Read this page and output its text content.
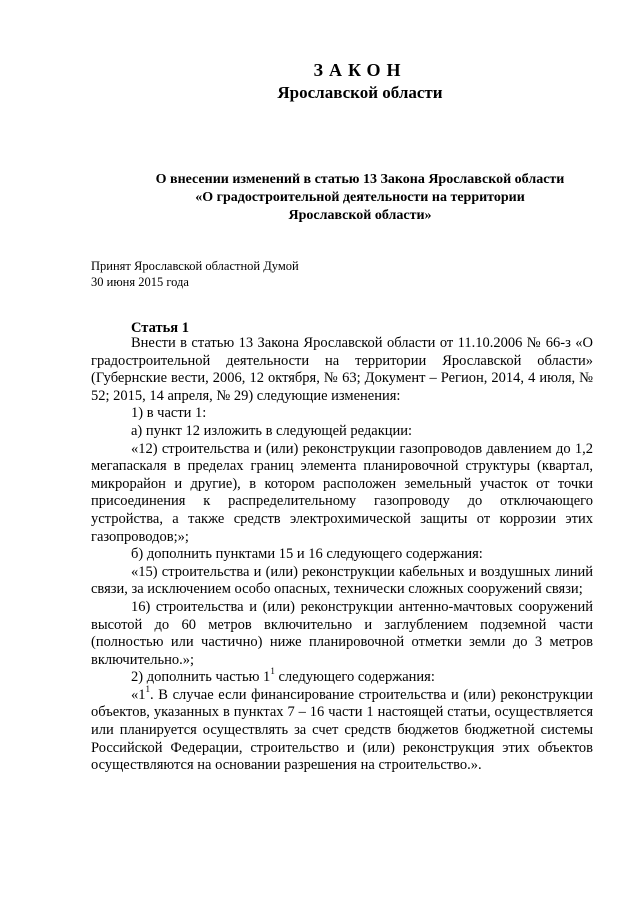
ЗАКОН
Ярославской области
О внесении изменений в статью 13 Закона Ярославской области
«О градостроительной деятельности на территории
Ярославской области»
Принят Ярославской областной Думой
30 июня 2015 года
Статья 1

Внести в статью 13 Закона Ярославской области от 11.10.2006 № 66-з «О градостроительной деятельности на территории Ярославской области» (Губернские вести, 2006, 12 октября, № 63; Документ – Регион, 2014, 4 июля, № 52; 2015, 14 апреля, № 29) следующие изменения:

1) в части 1:

а) пункт 12 изложить в следующей редакции:

«12) строительства и (или) реконструкции газопроводов давлением до 1,2 мегапаскаля в пределах границ элемента планировочной структуры (квартал, микрорайон и другие), в котором расположен земельный участок от точки присоединения к распределительному газопроводу до отключающего устройства, а также средств электрохимической защиты от коррозии этих газопроводов;»;

б) дополнить пунктами 15 и 16 следующего содержания:

«15) строительства и (или) реконструкции кабельных и воздушных линий связи, за исключением особо опасных, технически сложных сооружений связи;

16) строительства и (или) реконструкции антенно-мачтовых сооружений высотой до 60 метров включительно и заглублением подземной части (полностью или частично) ниже планировочной отметки земли до 3 метров включительно.»;

2) дополнить частью $1^1$ следующего содержания:

«$1^1$. В случае если финансирование строительства и (или) реконструкции объектов, указанных в пунктах 7 – 16 части 1 настоящей статьи, осуществляется или планируется осуществлять за счет средств бюджетов бюджетной системы Российской Федерации, строительство и (или) реконструкция этих объектов осуществляются на основании разрешения на строительство.».
